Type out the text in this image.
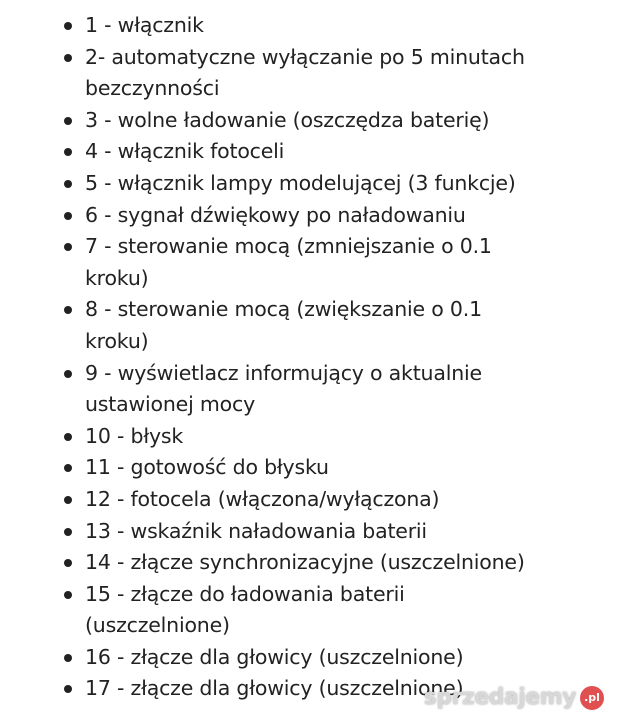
1 - włącznik
2- automatyczne wyłączanie po 5 minutach
bezczynności
3 - wolne ładowanie (oszczędza baterię)
4 - włącznik fotoceli
5 - włącznik lampy modelującej (3 funkcje)
6 - sygnał dźwiękowy po naładowaniu
7 - sterowanie mocą (zmniejszanie o 0.1
kroku)
8 - sterowanie mocą (zwiększanie o 0.1
kroku)
9 - wyświetlacz informujący o aktualnie
ustawionej mocy
10 - błysk
11 - gotowość do błysku
12 - fotocela (włączona/wyłączona)
13 - wskaźnik naładowania baterii
14 - złącze synchronizacyjne (uszczelnione)
15 - złącze do ładowania baterii
(uszczelnione)
16 - złącze dla głowicy (uszczelnione)
17 - złącze dla głowicy (uszczelnione)
sprzedajemy .pl
